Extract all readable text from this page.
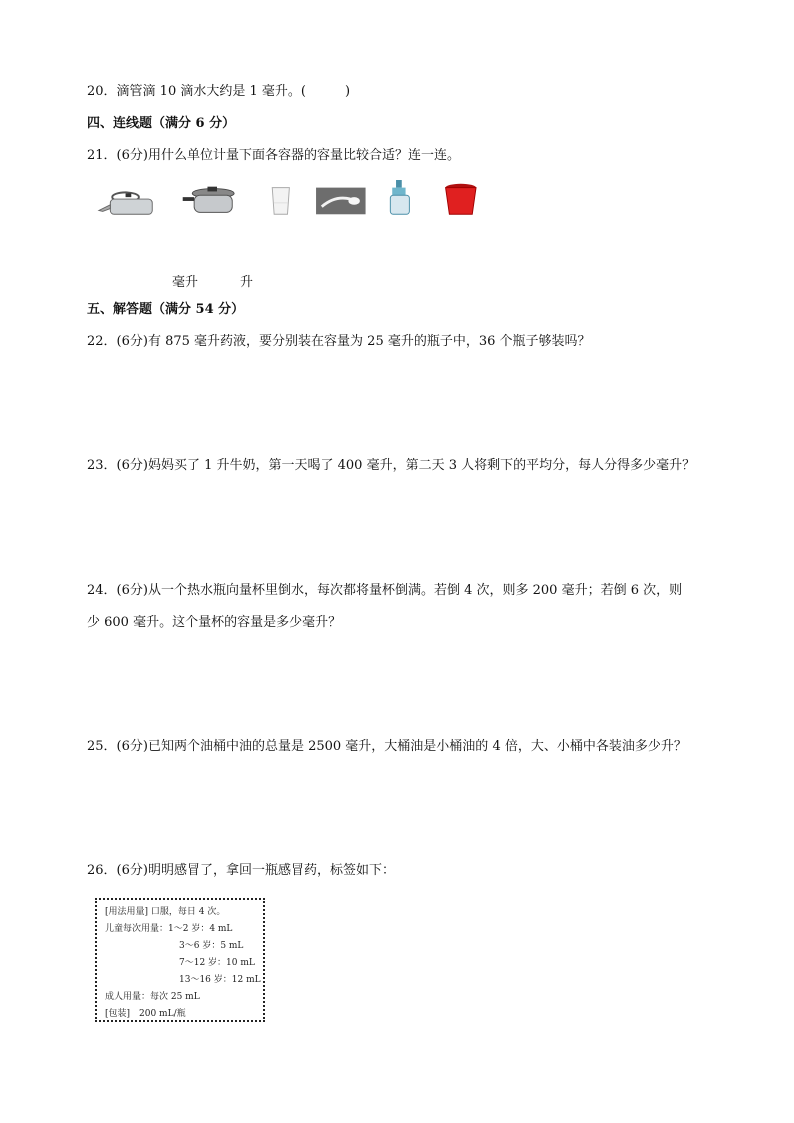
20．滴管滴 10 滴水大约是 1 毫升。(　　　)
四、连线题（满分 6 分）
21．(6分)用什么单位计量下面各容器的容量比较合适？连一连。
毫升	升
五、解答题（满分 54 分）
22．(6分)有 875 毫升药液，要分别装在容量为 25 毫升的瓶子中，36 个瓶子够装吗？
23．(6分)妈妈买了 1 升牛奶，第一天喝了 400 毫升，第二天 3 人将剩下的平均分，每人分得多少毫升？
24．(6分)从一个热水瓶向量杯里倒水，每次都将量杯倒满。若倒 4 次，则多 200 毫升；若倒 6 次，则
少 600 毫升。这个量杯的容量是多少毫升？
25．(6分)已知两个油桶中油的总量是 2500 毫升，大桶油是小桶油的 4 倍，大、小桶中各装油多少升？
26．(6分)明明感冒了，拿回一瓶感冒药，标签如下：
[用法用量] 口服，每日 4 次。
儿童每次用量：1～2 岁：4 mL
3～6 岁：5 mL
7～12 岁：10 mL
13～16 岁：12 mL
成人用量：每次 25 mL
[包装]　200 mL/瓶
